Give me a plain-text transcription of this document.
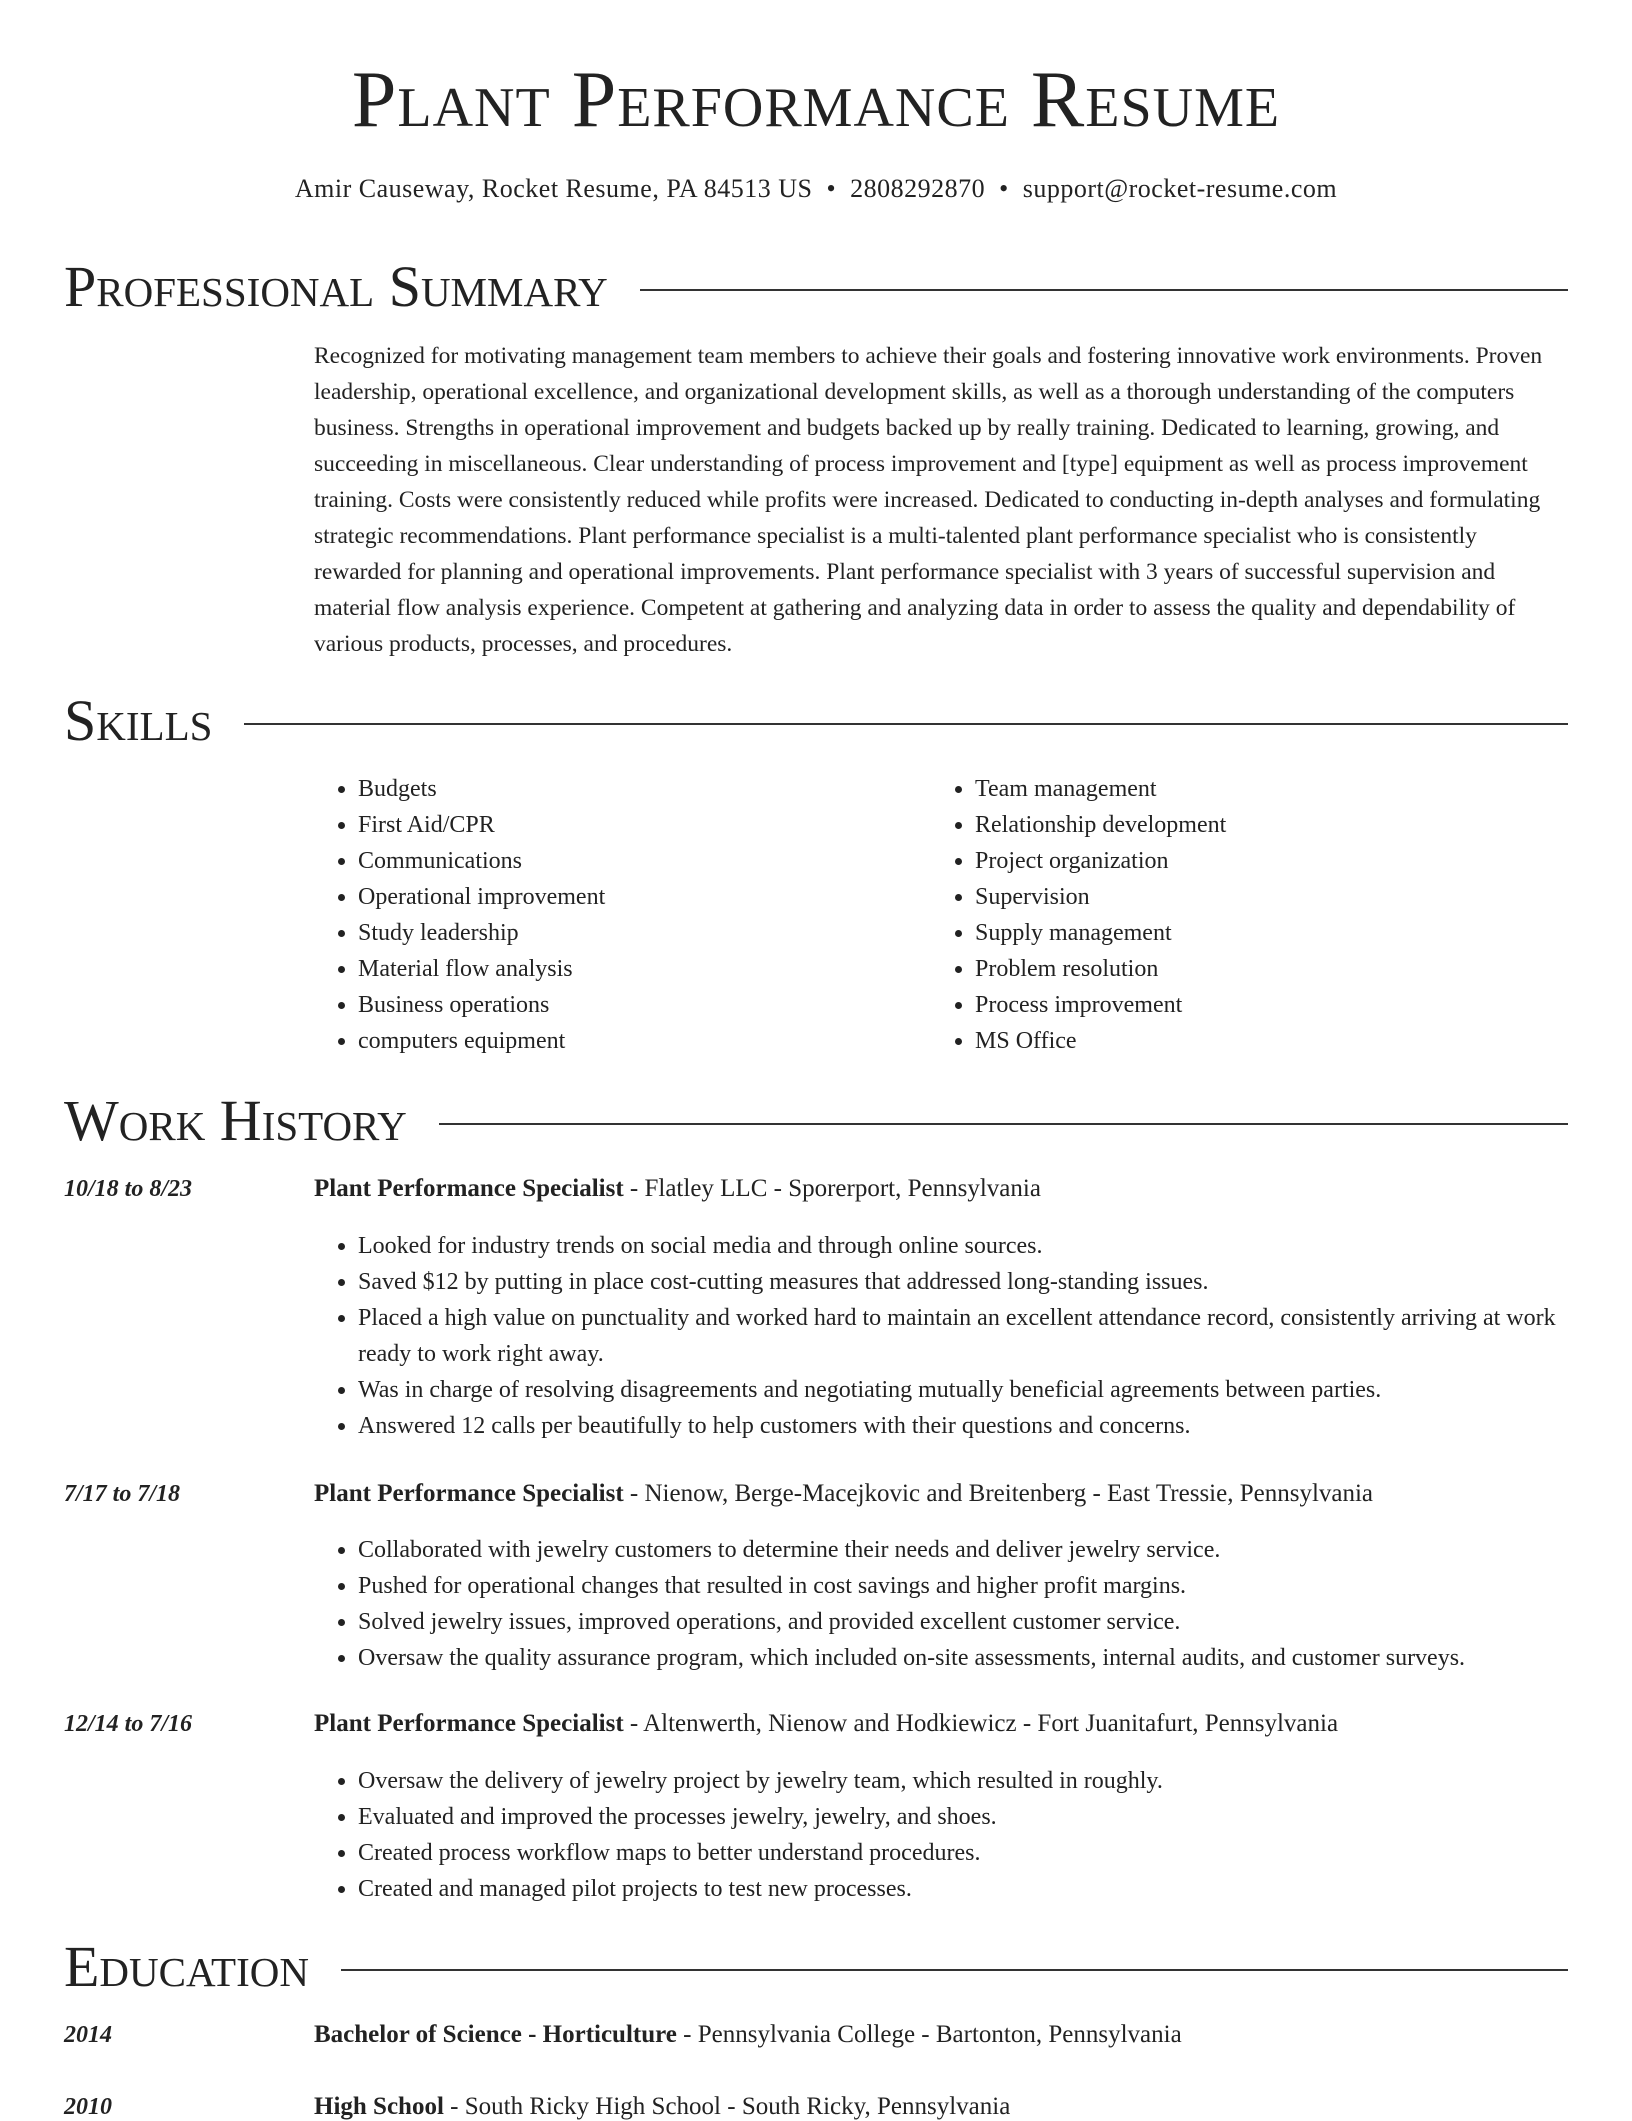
Plant Performance Resume
Amir Causeway, Rocket Resume, PA 84513 US • 2808292870 • support@rocket-resume.com
Professional Summary

Recognized for motivating management team members to achieve their goals and fostering innovative work environments. Proven leadership, operational excellence, and organizational development skills, as well as a thorough understanding of the computers business. Strengths in operational improvement and budgets backed up by really training. Dedicated to learning, growing, and succeeding in miscellaneous. Clear understanding of process improvement and [type] equipment as well as process improvement training. Costs were consistently reduced while profits were increased. Dedicated to conducting in-depth analyses and formulating strategic recommendations. Plant performance specialist is a multi-talented plant performance specialist who is consistently rewarded for planning and operational improvements. Plant performance specialist with 3 years of successful supervision and material flow analysis experience. Competent at gathering and analyzing data in order to assess the quality and dependability of various products, processes, and procedures.

Skills
• Budgets
• First Aid/CPR
• Communications
• Operational improvement
• Study leadership
• Material flow analysis
• Business operations
• computers equipment
• Team management
• Relationship development
• Project organization
• Supervision
• Supply management
• Problem resolution
• Process improvement
• MS Office
Work History
10/18 to 8/23	Plant Performance Specialist - Flatley LLC - Sporerport, Pennsylvania
• Looked for industry trends on social media and through online sources.
• Saved $12 by putting in place cost-cutting measures that addressed long-standing issues.
• Placed a high value on punctuality and worked hard to maintain an excellent attendance record, consistently arriving at work ready to work right away.
• Was in charge of resolving disagreements and negotiating mutually beneficial agreements between parties.
• Answered 12 calls per beautifully to help customers with their questions and concerns.
7/17 to 7/18	Plant Performance Specialist - Nienow, Berge-Macejkovic and Breitenberg - East Tressie, Pennsylvania
• Collaborated with jewelry customers to determine their needs and deliver jewelry service.
• Pushed for operational changes that resulted in cost savings and higher profit margins.
• Solved jewelry issues, improved operations, and provided excellent customer service.
• Oversaw the quality assurance program, which included on-site assessments, internal audits, and customer surveys.
12/14 to 7/16	Plant Performance Specialist - Altenwerth, Nienow and Hodkiewicz - Fort Juanitafurt, Pennsylvania
• Oversaw the delivery of jewelry project by jewelry team, which resulted in roughly.
• Evaluated and improved the processes jewelry, jewelry, and shoes.
• Created process workflow maps to better understand procedures.
• Created and managed pilot projects to test new processes.
Education
2014	Bachelor of Science - Horticulture - Pennsylvania College - Bartonton, Pennsylvania
2010	High School - South Ricky High School - South Ricky, Pennsylvania
